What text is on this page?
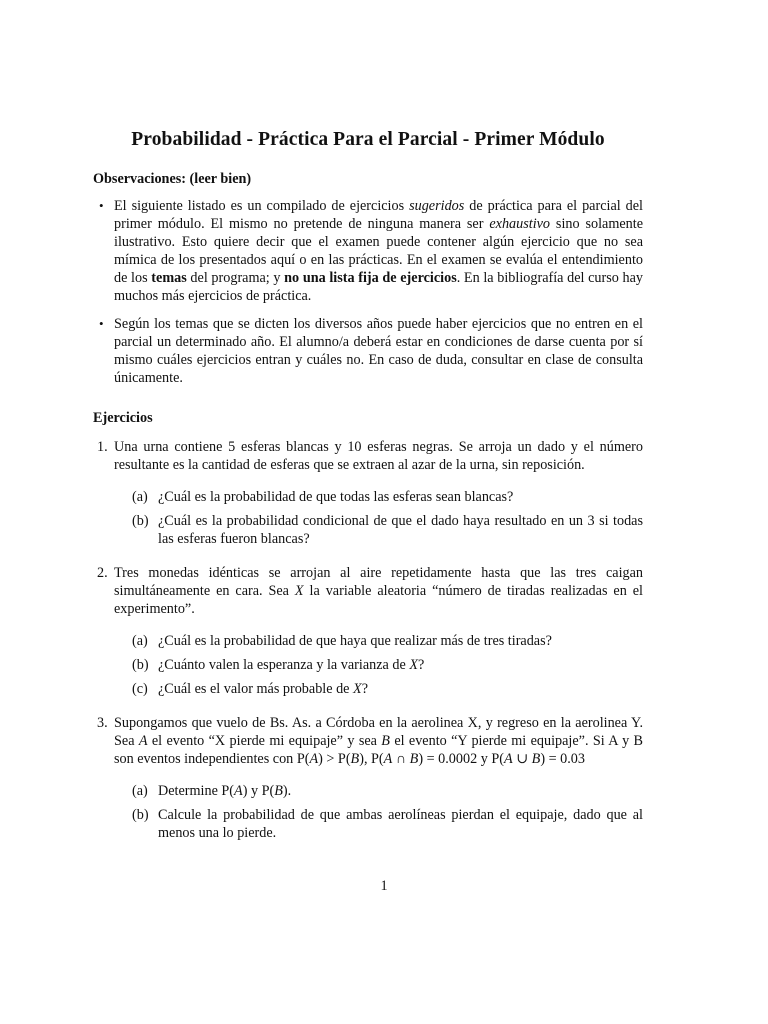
Probabilidad - Práctica Para el Parcial - Primer Módulo
Observaciones: (leer bien)
• El siguiente listado es un compilado de ejercicios sugeridos de práctica para el parcial del primer módulo. El mismo no pretende de ninguna manera ser exhaustivo sino solamente ilustrativo. Esto quiere decir que el examen puede contener algún ejercicio que no sea mímica de los presentados aquí o en las prácticas. En el examen se evalúa el entendimiento de los temas del programa; y no una lista fija de ejercicios. En la bibliografía del curso hay muchos más ejercicios de práctica.
• Según los temas que se dicten los diversos años puede haber ejercicios que no entren en el parcial un determinado año. El alumno/a deberá estar en condiciones de darse cuenta por sí mismo cuáles ejercicios entran y cuáles no. En caso de duda, consultar en clase de consulta únicamente.
Ejercicios
1. Una urna contiene 5 esferas blancas y 10 esferas negras. Se arroja un dado y el número resultante es la cantidad de esferas que se extraen al azar de la urna, sin reposición.
(a) ¿Cuál es la probabilidad de que todas las esferas sean blancas?
(b) ¿Cuál es la probabilidad condicional de que el dado haya resultado en un 3 si todas las esferas fueron blancas?
2. Tres monedas idénticas se arrojan al aire repetidamente hasta que las tres caigan simultáneamente en cara. Sea X la variable aleatoria “número de tiradas realizadas en el experimento”.
(a) ¿Cuál es la probabilidad de que haya que realizar más de tres tiradas?
(b) ¿Cuánto valen la esperanza y la varianza de X?
(c) ¿Cuál es el valor más probable de X?
3. Supongamos que vuelo de Bs. As. a Córdoba en la aerolinea X, y regreso en la aerolinea Y. Sea A el evento “X pierde mi equipaje” y sea B el evento “Y pierde mi equipaje”. Si A y B son eventos independientes con P(A) > P(B), P(A ∩ B) = 0.0002 y P(A ∪ B) = 0.03
(a) Determine P(A) y P(B).
(b) Calcule la probabilidad de que ambas aerolíneas pierdan el equipaje, dado que al menos una lo pierde.
1
